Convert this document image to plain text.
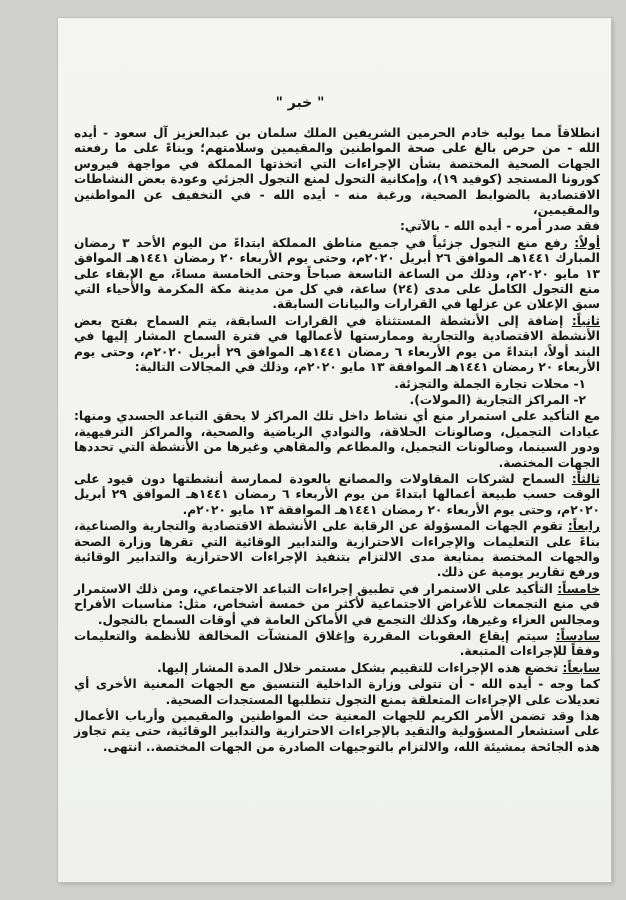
" خبر "

انطلاقاً مما يوليه خادم الحرمين الشريفين الملك سلمان بن عبدالعزيز آل سعود - أيده الله - من حرص بالغ على صحة المواطنين والمقيمين وسلامتهم؛ وبناءً على ما رفعته الجهات الصحية المختصة بشأن الإجراءات التي اتخذتها المملكة في مواجهة فيروس كورونا المستجد (كوفيد ١٩)، وإمكانية التحول لمنع التجول الجزئي وعودة بعض النشاطات الاقتصادية بالضوابط الصحية، ورغبة منه - أيده الله - في التخفيف عن المواطنين والمقيمين،

فقد صدر أمره - أيده الله - بالآتي:

أولاً: رفع منع التجول جزئياً في جميع مناطق المملكة ابتداءً من اليوم الأحد ٣ رمضان المبارك ١٤٤١هـ الموافق ٢٦ أبريل ٢٠٢٠م، وحتى يوم الأربعاء ٢٠ رمضان ١٤٤١هـ الموافق ١٣ مايو ٢٠٢٠م، وذلك من الساعة التاسعة صباحاً وحتى الخامسة مساءً، مع الإبقاء على منع التجول الكامل على مدى (٢٤) ساعة، في كل من مدينة مكة المكرمة والأحياء التي سبق الإعلان عن عزلها في القرارات والبيانات السابقة.

ثانياً: إضافة إلى الأنشطة المستثناة في القرارات السابقة، يتم السماح بفتح بعض الأنشطة الاقتصادية والتجارية وممارستها لأعمالها في فترة السماح المشار إليها في البند أولاً، ابتداءً من يوم الأربعاء ٦ رمضان ١٤٤١هـ الموافق ٢٩ أبريل ٢٠٢٠م، وحتى يوم الأربعاء ٢٠ رمضان ١٤٤١هـ الموافقة ١٣ مايو ٢٠٢٠م، وذلك في المجالات التالية:

١- محلات تجارة الجملة والتجزئة.

٢- المراكز التجارية (المولات).

مع التأكيد على استمرار منع أي نشاط داخل تلك المراكز لا يحقق التباعد الجسدي ومنها: عيادات التجميل، وصالونات الحلاقة، والنوادي الرياضية والصحية، والمراكز الترفيهية، ودور السينما، وصالونات التجميل، والمطاعم والمقاهي وغيرها من الأنشطة التي تحددها الجهات المختصة.

ثالثاً: السماح لشركات المقاولات والمصانع بالعودة لممارسة أنشطتها دون قيود على الوقت حسب طبيعة أعمالها ابتداءً من يوم الأربعاء ٦ رمضان ١٤٤١هـ الموافق ٢٩ أبريل ٢٠٢٠م، وحتى يوم الأربعاء ٢٠ رمضان ١٤٤١هـ الموافقة ١٣ مايو ٢٠٢٠م.

رابعاً: تقوم الجهات المسؤولة عن الرقابة على الأنشطة الاقتصادية والتجارية والصناعية، بناءً على التعليمات والإجراءات الاحترازية والتدابير الوقائية التي تقرها وزارة الصحة والجهات المختصة بمتابعة مدى الالتزام بتنفيذ الإجراءات الاحترازية والتدابير الوقائية ورفع تقارير يومية عن ذلك.

خامساً: التأكيد على الاستمرار في تطبيق إجراءات التباعد الاجتماعي، ومن ذلك الاستمرار في منع التجمعات للأغراض الاجتماعية لأكثر من خمسة أشخاص، مثل: مناسبات الأفراح ومجالس العزاء وغيرها، وكذلك التجمع في الأماكن العامة في أوقات السماح بالتجول.

سادساً: سيتم إيقاع العقوبات المقررة وإغلاق المنشآت المخالفة للأنظمة والتعليمات وفقاً للإجراءات المتبعة.

سابعاً: تخضع هذه الإجراءات للتقييم بشكل مستمر خلال المدة المشار إليها.

كما وجه - أيده الله - أن تتولى وزارة الداخلية التنسيق مع الجهات المعنية الأخرى أي تعديلات على الإجراءات المتعلقة بمنع التجول تتطلبها المستجدات الصحية.

هذا وقد تضمن الأمر الكريم للجهات المعنية حث المواطنين والمقيمين وأرباب الأعمال على استشعار المسؤولية والتقيد بالإجراءات الاحترازية والتدابير الوقائية، حتى يتم تجاوز هذه الجائحة بمشيئة الله، والالتزام بالتوجيهات الصادرة من الجهات المختصة.. انتهى.
